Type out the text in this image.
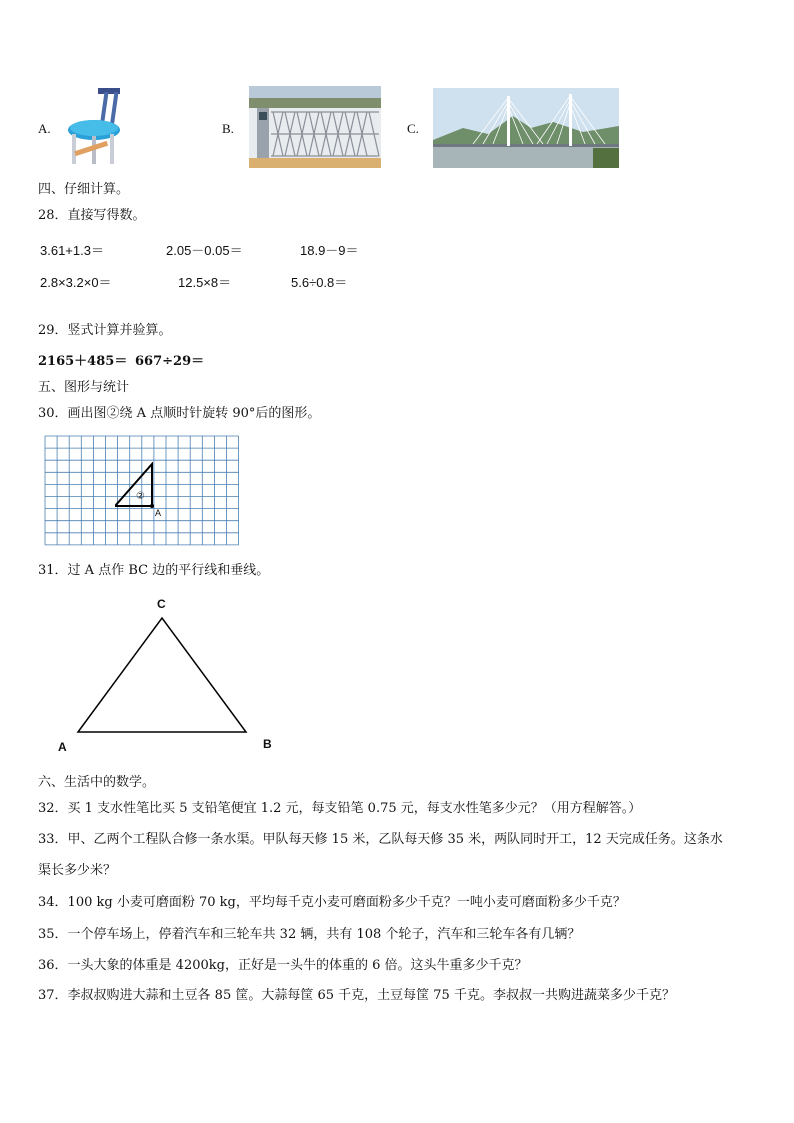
A.	B.	C.
四、仔细计算。
28．直接写得数。
3.61+1.3＝	2.05－0.05＝	18.9－9＝
2.8×3.2×0＝	12.5×8＝	5.6÷0.8＝
29．竖式计算并验算。
2165＋485＝ 667÷29＝
五、图形与统计
30．画出图②绕 A 点顺时针旋转 90°后的图形。
②
A
31．过 A 点作 BC 边的平行线和垂线。
C
A	B
六、生活中的数学。
32．买 1 支水性笔比买 5 支铅笔便宜 1.2 元，每支铅笔 0.75 元，每支水性笔多少元？（用方程解答。）
33．甲、乙两个工程队合修一条水渠。甲队每天修 15 米，乙队每天修 35 米，两队同时开工，12 天完成任务。这条水
渠长多少米？
34．100 kg 小麦可磨面粉 70 kg，平均每千克小麦可磨面粉多少千克？一吨小麦可磨面粉多少千克？
35．一个停车场上，停着汽车和三轮车共 32 辆，共有 108 个轮子，汽车和三轮车各有几辆？
36．一头大象的体重是 4200kg，正好是一头牛的体重的 6 倍。这头牛重多少千克？
37．李叔叔购进大蒜和土豆各 85 筐。大蒜每筐 65 千克，土豆每筐 75 千克。李叔叔一共购进蔬菜多少千克？
